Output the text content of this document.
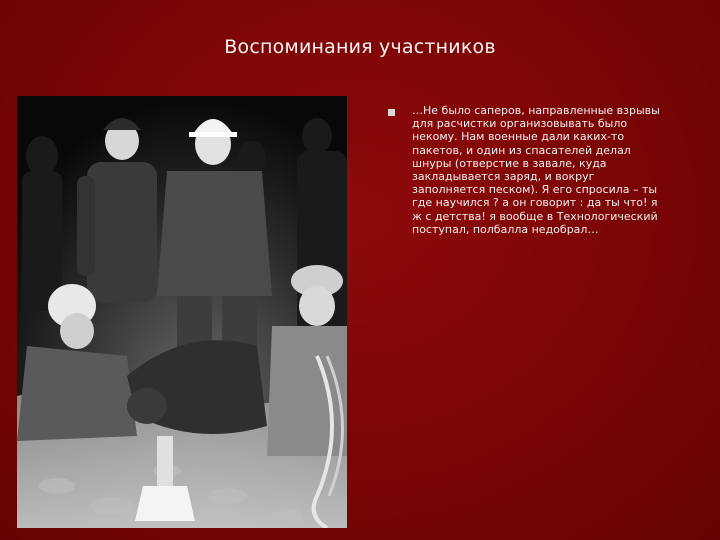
Воспоминания участников
…Не было саперов, направленные взрывы
для расчистки организовывать было
некому. Нам военные дали каких-то
пакетов, и один из спасателей делал
шнуры (отверстие в завале, куда
закладывается заряд, и вокруг
заполняется песком). Я его спросила – ты
где научился ? а он говорит : да ты что! я
ж с детства! я вообще в Технологический
поступал, полбалла недобрал…
